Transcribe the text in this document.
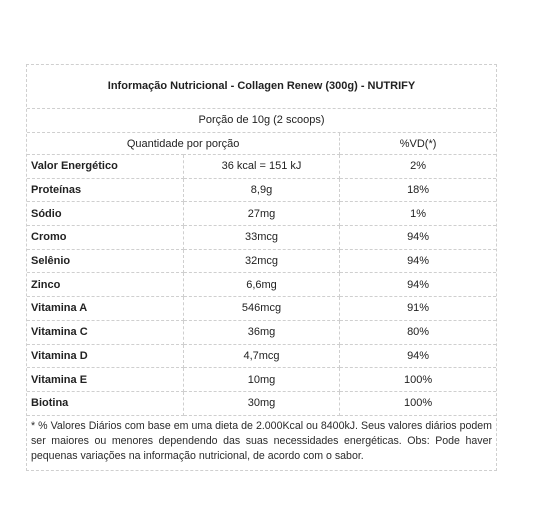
Informação Nutricional - Collagen Renew (300g) - NUTRIFY
Porção de 10g (2 scoops)
Quantidade por porção		%VD(*)
Valor Energético	36 kcal = 151 kJ	2%
Proteínas	8,9g	18%
Sódio	27mg	1%
Cromo	33mcg	94%
Selênio	32mcg	94%
Zinco	6,6mg	94%
Vitamina A	546mcg	91%
Vitamina C	36mg	80%
Vitamina D	4,7mcg	94%
Vitamina E	10mg	100%
Biotina	30mg	100%
* % Valores Diários com base em uma dieta de 2.000Kcal ou 8400kJ. Seus valores diários podem ser maiores ou menores dependendo das suas necessidades energéticas. Obs: Pode haver pequenas variações na informação nutricional, de acordo com o sabor.
